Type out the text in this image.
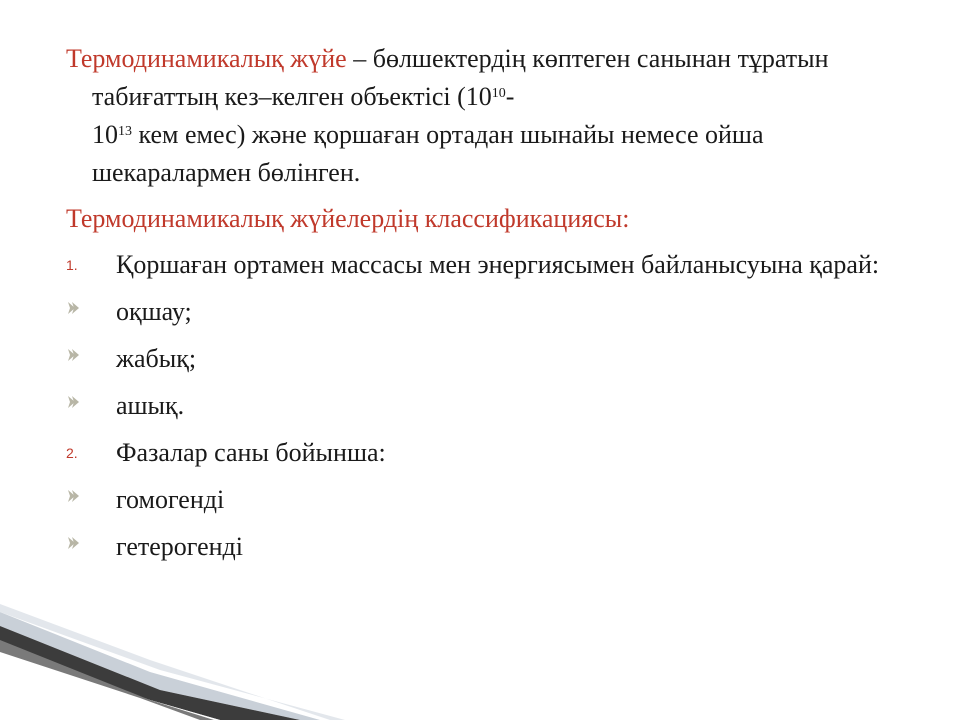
Термодинамикалық жүйе – бөлшектердің көптеген санынан тұратын табиғаттың кез–келген объектісі ($10^{10}-$
$10^{13}$ кем емес) және қоршаған ортадан шынайы немесе ойша шекаралармен бөлінген.

Термодинамикалық жүйелердің классификациясы:

1. Қоршаған ортамен массасы мен энергиясымен байланысуына қарай:
оқшау;
жабық;
ашық.
2. Фазалар саны бойынша:
гомогенді
гетерогенді
